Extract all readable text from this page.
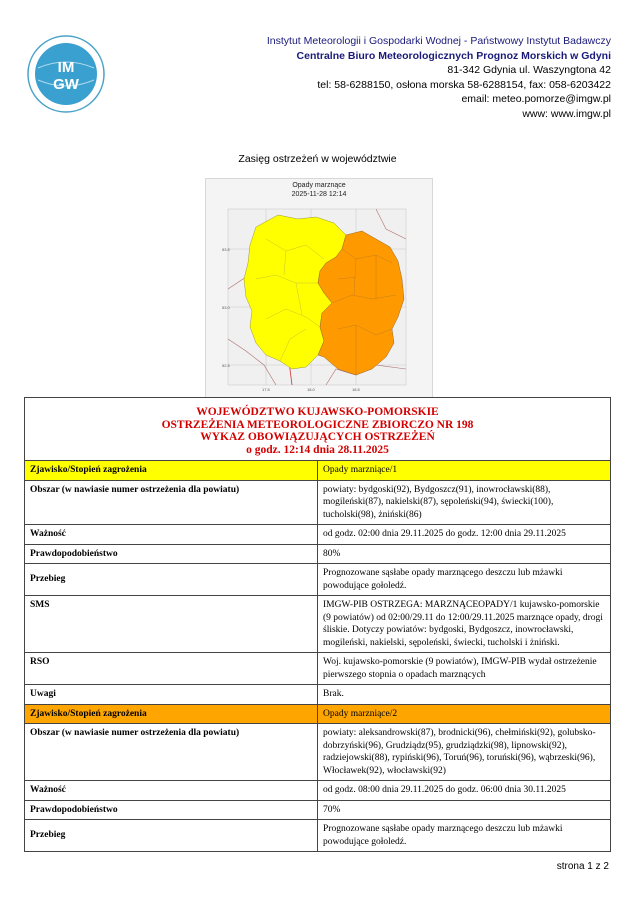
IM
GW
Instytut Meteorologii i Gospodarki Wodnej - Państwowy Instytut Badawczy
Centralne Biuro Meteorologicznych Prognoz Morskich w Gdyni
81-342 Gdynia ul. Waszyngtona 42
tel: 58-6288150, osłona morska 58-6288154, fax: 058-6203422
email: meteo.pomorze@imgw.pl
www: www.imgw.pl
Zasięg ostrzeżeń w województwie
53.5
53.0
52.5
17.5	18.0	18.5
Opady marznące
2025-11-28 12:14
WOJEWÓDZTWO KUJAWSKO-POMORSKIE
OSTRZEŻENIA METEOROLOGICZNE ZBIORCZO NR 198
WYKAZ OBOWIĄZUJĄCYCH OSTRZEŻEŃ
o godz. 12:14 dnia 28.11.2025	

Zjawisko/Stopień zagrożenia	Opady marzniące/1
Obszar (w nawiasie numer ostrzeżenia dla powiatu)	powiaty: bydgoski(92), Bydgoszcz(91), inowrocławski(88), mogileński(87), nakielski(87), sępoleński(94), świecki(100), tucholski(98), żniński(86)
Ważność	od godz. 02:00 dnia 29.11.2025 do godz. 12:00 dnia 29.11.2025
Prawdopodobieństwo	80%
Przebieg	Prognozowane sąsłabe opady marznącego deszczu lub mżawki powodujące gołoledź.
SMS	IMGW-PIB OSTRZEGA: MARZNĄCEOPADY/1 kujawsko-pomorskie (9 powiatów) od 02:00/29.11 do 12:00/29.11.2025 marznące opady, drogi śliskie. Dotyczy powiatów: bydgoski, Bydgoszcz, inowrocławski, mogileński, nakielski, sępoleński, świecki, tucholski i żniński.
RSO	Woj. kujawsko-pomorskie (9 powiatów), IMGW-PIB wydał ostrzeżenie pierwszego stopnia o opadach marznących
Uwagi	Brak.
Zjawisko/Stopień zagrożenia	Opady marzniące/2
Obszar (w nawiasie numer ostrzeżenia dla powiatu)	powiaty: aleksandrowski(87), brodnicki(96), chełmiński(92), golubsko-dobrzyński(96), Grudziądz(95), grudziądzki(98), lipnowski(92), radziejowski(88), rypiński(96), Toruń(96), toruński(96), wąbrzeski(96), Włocławek(92), włocławski(92)
Ważność	od godz. 08:00 dnia 29.11.2025 do godz. 06:00 dnia 30.11.2025
Prawdopodobieństwo	70%
Przebieg	Prognozowane sąsłabe opady marznącego deszczu lub mżawki powodujące gołoledź.
strona 1 z 2
